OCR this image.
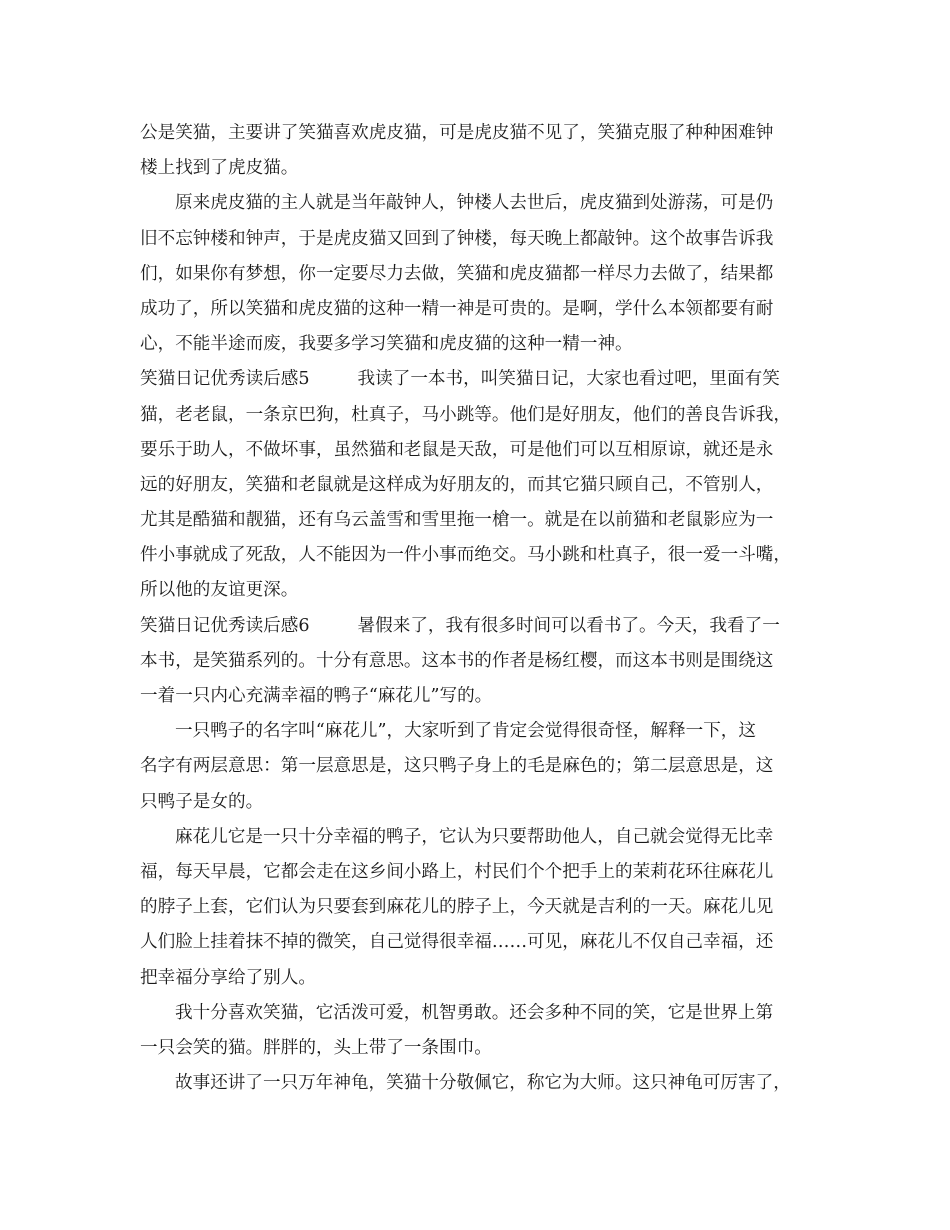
公是笑猫，主要讲了笑猫喜欢虎皮猫，可是虎皮猫不见了，笑猫克服了种种困难钟
楼上找到了虎皮猫。
原来虎皮猫的主人就是当年敲钟人，钟楼人去世后，虎皮猫到处游荡，可是仍
旧不忘钟楼和钟声，于是虎皮猫又回到了钟楼，每天晚上都敲钟。这个故事告诉我
们，如果你有梦想，你一定要尽力去做，笑猫和虎皮猫都一样尽力去做了，结果都
成功了，所以笑猫和虎皮猫的这种一精一神是可贵的。是啊，学什么本领都要有耐
心，不能半途而废，我要多学习笑猫和虎皮猫的这种一精一神。
笑猫日记优秀读后感5	我读了一本书，叫笑猫日记，大家也看过吧，里面有笑
猫，老老鼠，一条京巴狗，杜真子，马小跳等。他们是好朋友，他们的善良告诉我，
要乐于助人，不做坏事，虽然猫和老鼠是天敌，可是他们可以互相原谅，就还是永
远的好朋友，笑猫和老鼠就是这样成为好朋友的，而其它猫只顾自己，不管别人，
尤其是酷猫和靓猫，还有乌云盖雪和雪里拖一槍一。就是在以前猫和老鼠影应为一
件小事就成了死敌，人不能因为一件小事而绝交。马小跳和杜真子，很一爱一斗嘴，
所以他的友谊更深。
笑猫日记优秀读后感6	暑假来了，我有很多时间可以看书了。今天，我看了一
本书，是笑猫系列的。十分有意思。这本书的作者是杨红樱，而这本书则是围绕这
一着一只内心充满幸福的鸭子“麻花儿”写的。
一只鸭子的名字叫“麻花儿”，大家听到了肯定会觉得很奇怪，解释一下，这
名字有两层意思：第一层意思是，这只鸭子身上的毛是麻色的；第二层意思是，这
只鸭子是女的。
麻花儿它是一只十分幸福的鸭子，它认为只要帮助他人，自己就会觉得无比幸
福，每天早晨，它都会走在这乡间小路上，村民们个个把手上的茉莉花环往麻花儿
的脖子上套，它们认为只要套到麻花儿的脖子上，今天就是吉利的一天。麻花儿见
人们脸上挂着抹不掉的微笑，自己觉得很幸福……可见，麻花儿不仅自己幸福，还
把幸福分享给了别人。
我十分喜欢笑猫，它活泼可爱，机智勇敢。还会多种不同的笑，它是世界上第
一只会笑的猫。胖胖的，头上带了一条围巾。
故事还讲了一只万年神龟，笑猫十分敬佩它，称它为大师。这只神龟可厉害了，
